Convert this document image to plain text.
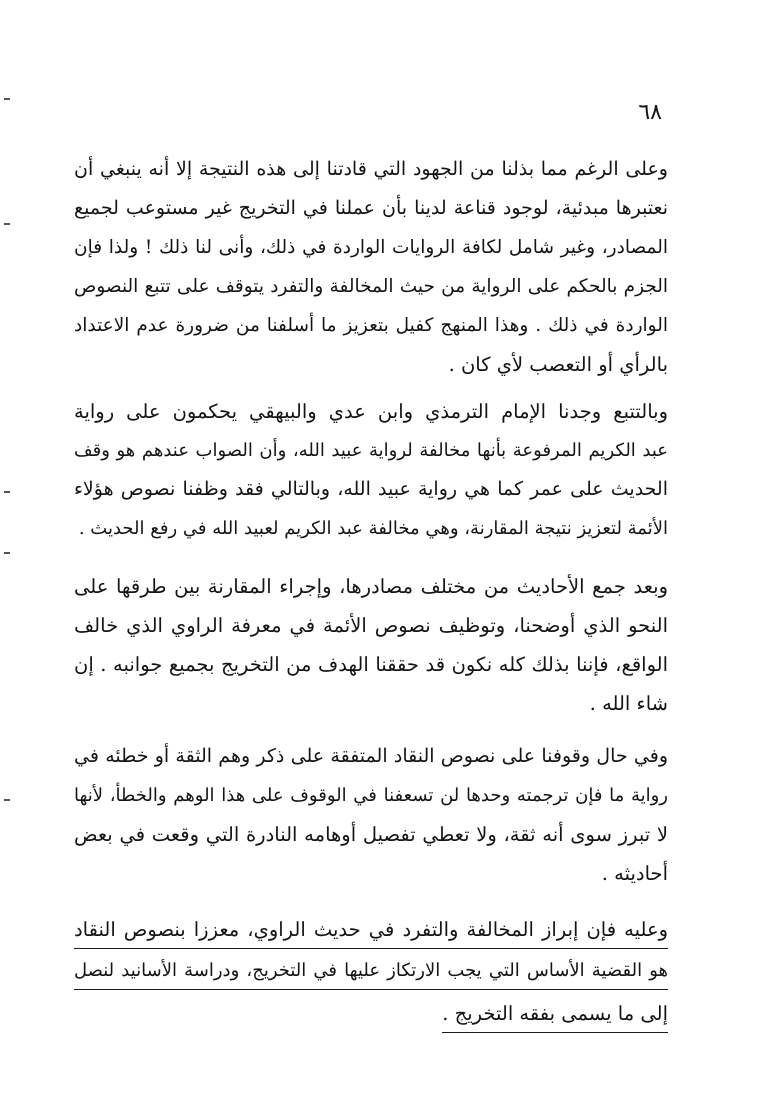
٦٨
وعلى الرغم مما بذلنا من الجهود التي قادتنا إلى هذه النتيجة إلا أنه ينبغي أن
نعتبرها مبدئية، لوجود قناعة لدينا بأن عملنا في التخريج غير مستوعب لجميع
المصادر، وغير شامل لكافة الروايات الواردة في ذلك، وأنى لنا ذلك ! ولذا فإن
الجزم بالحكم على الرواية من حيث المخالفة والتفرد يتوقف على تتبع النصوص
الواردة في ذلك . وهذا المنهج كفيل بتعزيز ما أسلفنا من ضرورة عدم الاعتداد
بالرأي أو التعصب لأي كان .
وبالتتبع وجدنا الإمام الترمذي وابن عدي والبيهقي يحكمون على رواية
عبد الكريم المرفوعة بأنها مخالفة لرواية عبيد الله، وأن الصواب عندهم هو وقف
الحديث على عمر كما هي رواية عبيد الله، وبالتالي فقد وظفنا نصوص هؤلاء
الأئمة لتعزيز نتيجة المقارنة، وهي مخالفة عبد الكريم لعبيد الله في رفع الحديث .
وبعد جمع الأحاديث من مختلف مصادرها، وإجراء المقارنة بين طرقها على
النحو الذي أوضحنا، وتوظيف نصوص الأئمة في معرفة الراوي الذي خالف
الواقع، فإننا بذلك كله نكون قد حققنا الهدف من التخريج بجميع جوانبه . إن
شاء الله .
وفي حال وقوفنا على نصوص النقاد المتفقة على ذكر وهم الثقة أو خطئه في
رواية ما فإن ترجمته وحدها لن تسعفنا في الوقوف على هذا الوهم والخطأ، لأنها
لا تبرز سوى أنه ثقة، ولا تعطي تفصيل أوهامه النادرة التي وقعت في بعض
أحاديثه .
وعليه فإن إبراز المخالفة والتفرد في حديث الراوي، معززا بنصوص النقاد
هو القضية الأساس التي يجب الارتكاز عليها في التخريج، ودراسة الأسانيد لنصل
إلى ما يسمى بفقه التخريج .
